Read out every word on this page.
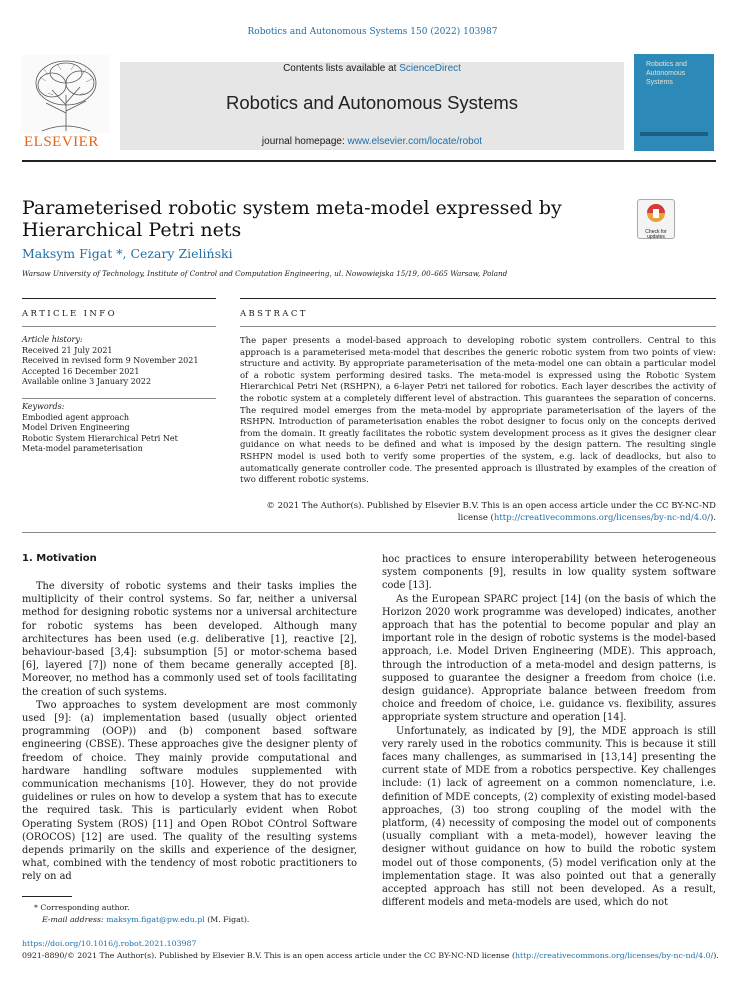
Robotics and Autonomous Systems 150 (2022) 103987
ELSEVIER
Contents lists available at ScienceDirect
Robotics and Autonomous Systems
journal homepage: www.elsevier.com/locate/robot
Robotics and Autonomous Systems
Parameterised robotic system meta-model expressed by Hierarchical Petri nets	Check for updates
Maksym Figat *, Cezary Zieliński
Warsaw University of Technology, Institute of Control and Computation Engineering, ul. Nowowiejska 15/19, 00–665 Warsaw, Poland
ARTICLE INFO	ABSTRACT
Article history:
Received 21 July 2021
Received in revised form 9 November 2021
Accepted 16 December 2021
Available online 3 January 2022
Keywords:
Embodied agent approach
Model Driven Engineering
Robotic System Hierarchical Petri Net
Meta-model parameterisation
The paper presents a model-based approach to developing robotic system controllers. Central to this approach is a parameterised meta-model that describes the generic robotic system from two points of view: structure and activity. By appropriate parameterisation of the meta-model one can obtain a particular model of a robotic system performing desired tasks. The meta-model is expressed using the Robotic System Hierarchical Petri Net (RSHPN), a 6-layer Petri net tailored for robotics. Each layer describes the activity of the robotic system at a completely different level of abstraction. This guarantees the separation of concerns. The required model emerges from the meta-model by appropriate parameterisation of the layers of the RSHPN. Introduction of parameterisation enables the robot designer to focus only on the concepts derived from the domain. It greatly facilitates the robotic system development process as it gives the designer clear guidance on what needs to be defined and what is imposed by the design pattern. The resulting single RSHPN model is used both to verify some properties of the system, e.g. lack of deadlocks, but also to automatically generate controller code. The presented approach is illustrated by examples of the creation of two different robotic systems.
© 2021 The Author(s). Published by Elsevier B.V. This is an open access article under the CC BY-NC-ND
license (http://creativecommons.org/licenses/by-nc-nd/4.0/).
1. Motivation

The diversity of robotic systems and their tasks implies the multiplicity of their control systems. So far, neither a universal method for designing robotic systems nor a universal architecture for robotic systems has been developed. Although many architectures has been used (e.g. deliberative [1], reactive [2], behaviour-based [3,4]: subsumption [5] or motor-schema based [6], layered [7]) none of them became generally accepted [8]. Moreover, no method has a commonly used set of tools facilitating the creation of such systems.

Two approaches to system development are most commonly used [9]: (a) implementation based (usually object oriented programming (OOP)) and (b) component based software engineering (CBSE). These approaches give the designer plenty of freedom of choice. They mainly provide computational and hardware handling software modules supplemented with communication mechanisms [10]. However, they do not provide guidelines or rules on how to develop a system that has to execute the required task. This is particularly evident when Robot Operating System (ROS) [11] and Open RObot COntrol Software (OROCOS) [12] are used. The quality of the resulting systems depends primarily on the skills and experience of the designer, what, combined with the tendency of most robotic practitioners to rely on ad

hoc practices to ensure interoperability between heterogeneous system components [9], results in low quality system software code [13].

As the European SPARC project [14] (on the basis of which the Horizon 2020 work programme was developed) indicates, another approach that has the potential to become popular and play an important role in the design of robotic systems is the model-based approach, i.e. Model Driven Engineering (MDE). This approach, through the introduction of a meta-model and design patterns, is supposed to guarantee the designer a freedom from choice (i.e. design guidance). Appropriate balance between freedom from choice and freedom of choice, i.e. guidance vs. flexibility, assures appropriate system structure and operation [14].

Unfortunately, as indicated by [9], the MDE approach is still very rarely used in the robotics community. This is because it still faces many challenges, as summarised in [13,14] presenting the current state of MDE from a robotics perspective. Key challenges include: (1) lack of agreement on a common nomenclature, i.e. definition of MDE concepts, (2) complexity of existing model-based approaches, (3) too strong coupling of the model with the platform, (4) necessity of composing the model out of components (usually compliant with a meta-model), however leaving the designer without guidance on how to build the robotic system model out of those components, (5) model verification only at the implementation stage. It was also pointed out that a generally accepted approach has still not been developed. As a result, different models and meta-models are used, which do not

* Corresponding author.
E-mail address: maksym.figat@pw.edu.pl (M. Figat).
https://doi.org/10.1016/j.robot.2021.103987
0921-8890/© 2021 The Author(s). Published by Elsevier B.V. This is an open access article under the CC BY-NC-ND license (http://creativecommons.org/licenses/by-nc-nd/4.0/).
